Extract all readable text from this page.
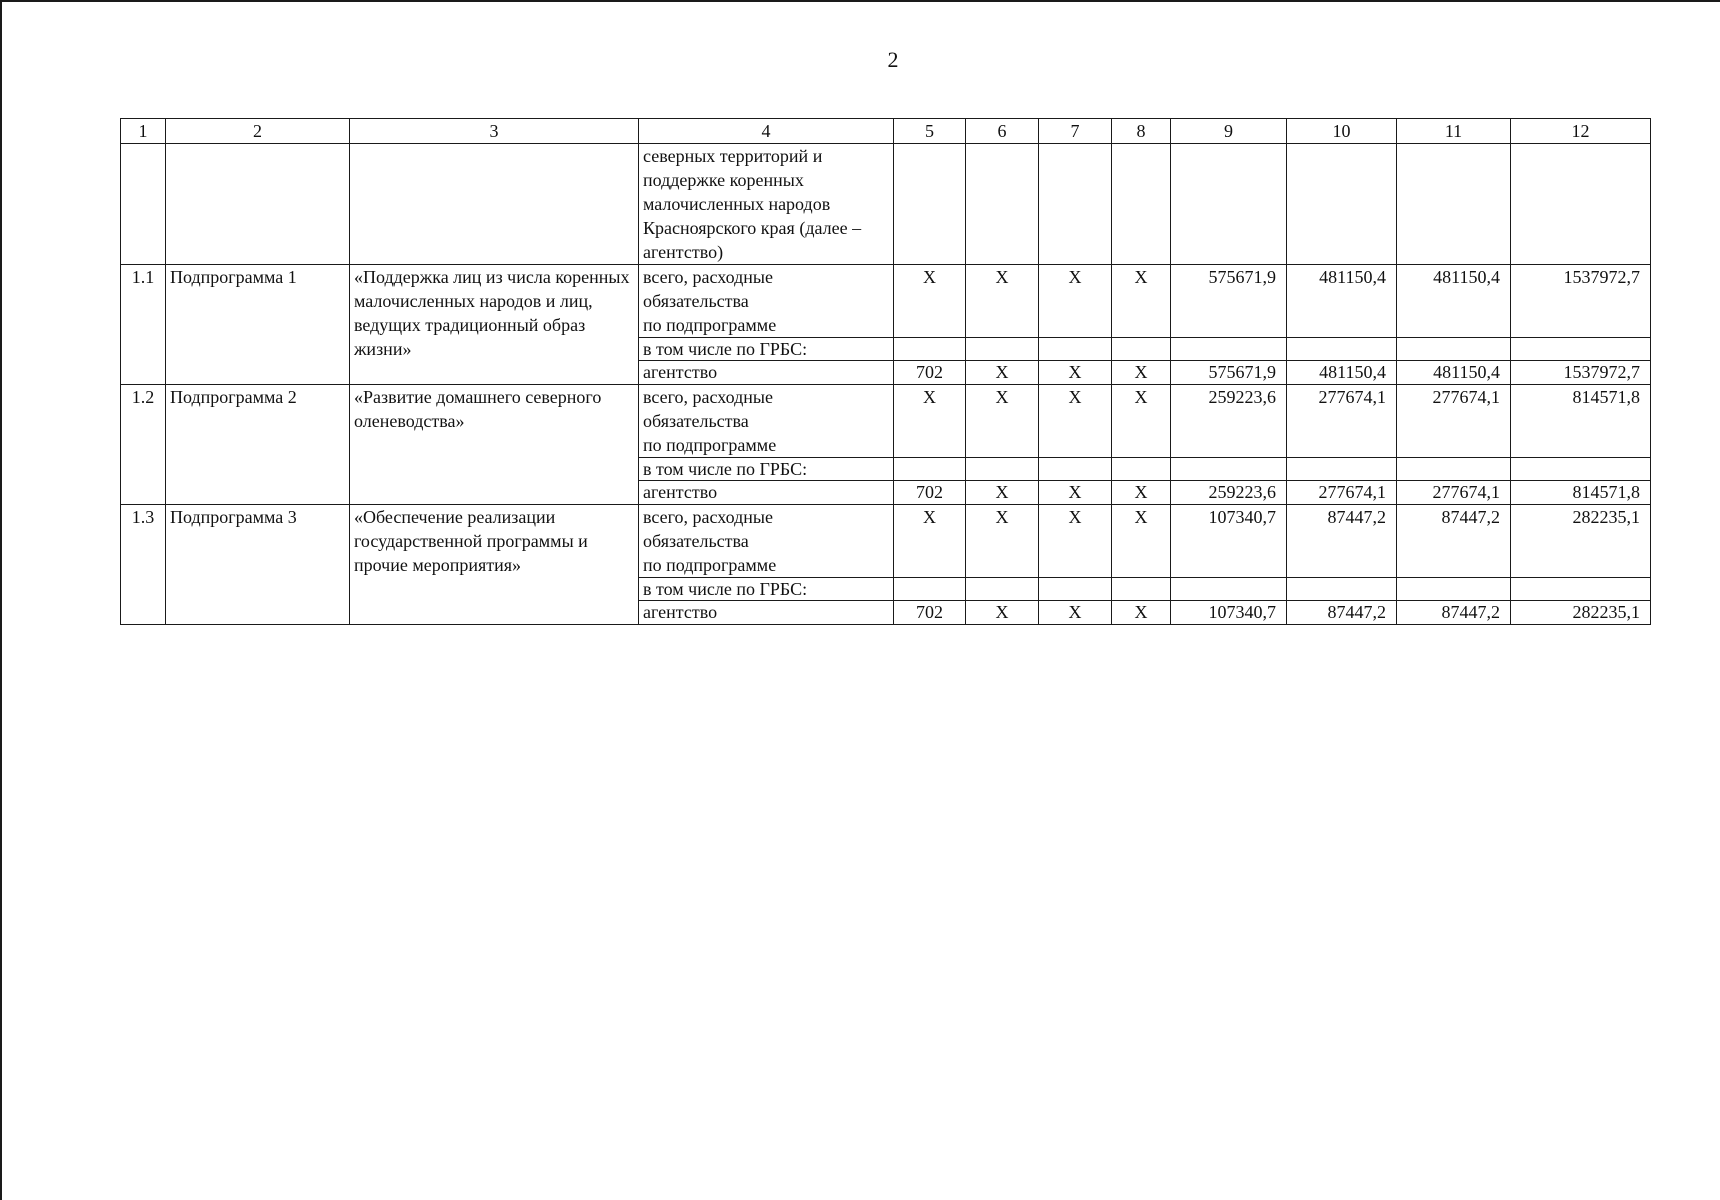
2
1	2	3	4	5	6	7	8	9	10	11	12

			северных территорий и
поддержке коренных
малочисленных народов
Красноярского края (далее –
агентство)								

1.1	Подпрограмма 1	«Поддержка лиц из числа коренных малочисленных народов и лиц, ведущих традиционный образ жизни»	всего, расходные
обязательства
по подпрограмме	X	X	X	X	575671,9	481150,4	481150,4	1537972,7
			в том числе по ГРБС:								
			агентство	702	X	X	X	575671,9	481150,4	481150,4	1537972,7
1.2	Подпрограмма 2	«Развитие домашнего северного оленеводства»	всего, расходные
обязательства
по подпрограмме	X	X	X	X	259223,6	277674,1	277674,1	814571,8
			в том числе по ГРБС:								
			агентство	702	X	X	X	259223,6	277674,1	277674,1	814571,8
1.3	Подпрограмма 3	«Обеспечение реализации государственной программы и прочие мероприятия»	всего, расходные
обязательства
по подпрограмме	X	X	X	X	107340,7	87447,2	87447,2	282235,1
			в том числе по ГРБС:								
			агентство	702	X	X	X	107340,7	87447,2	87447,2	282235,1
